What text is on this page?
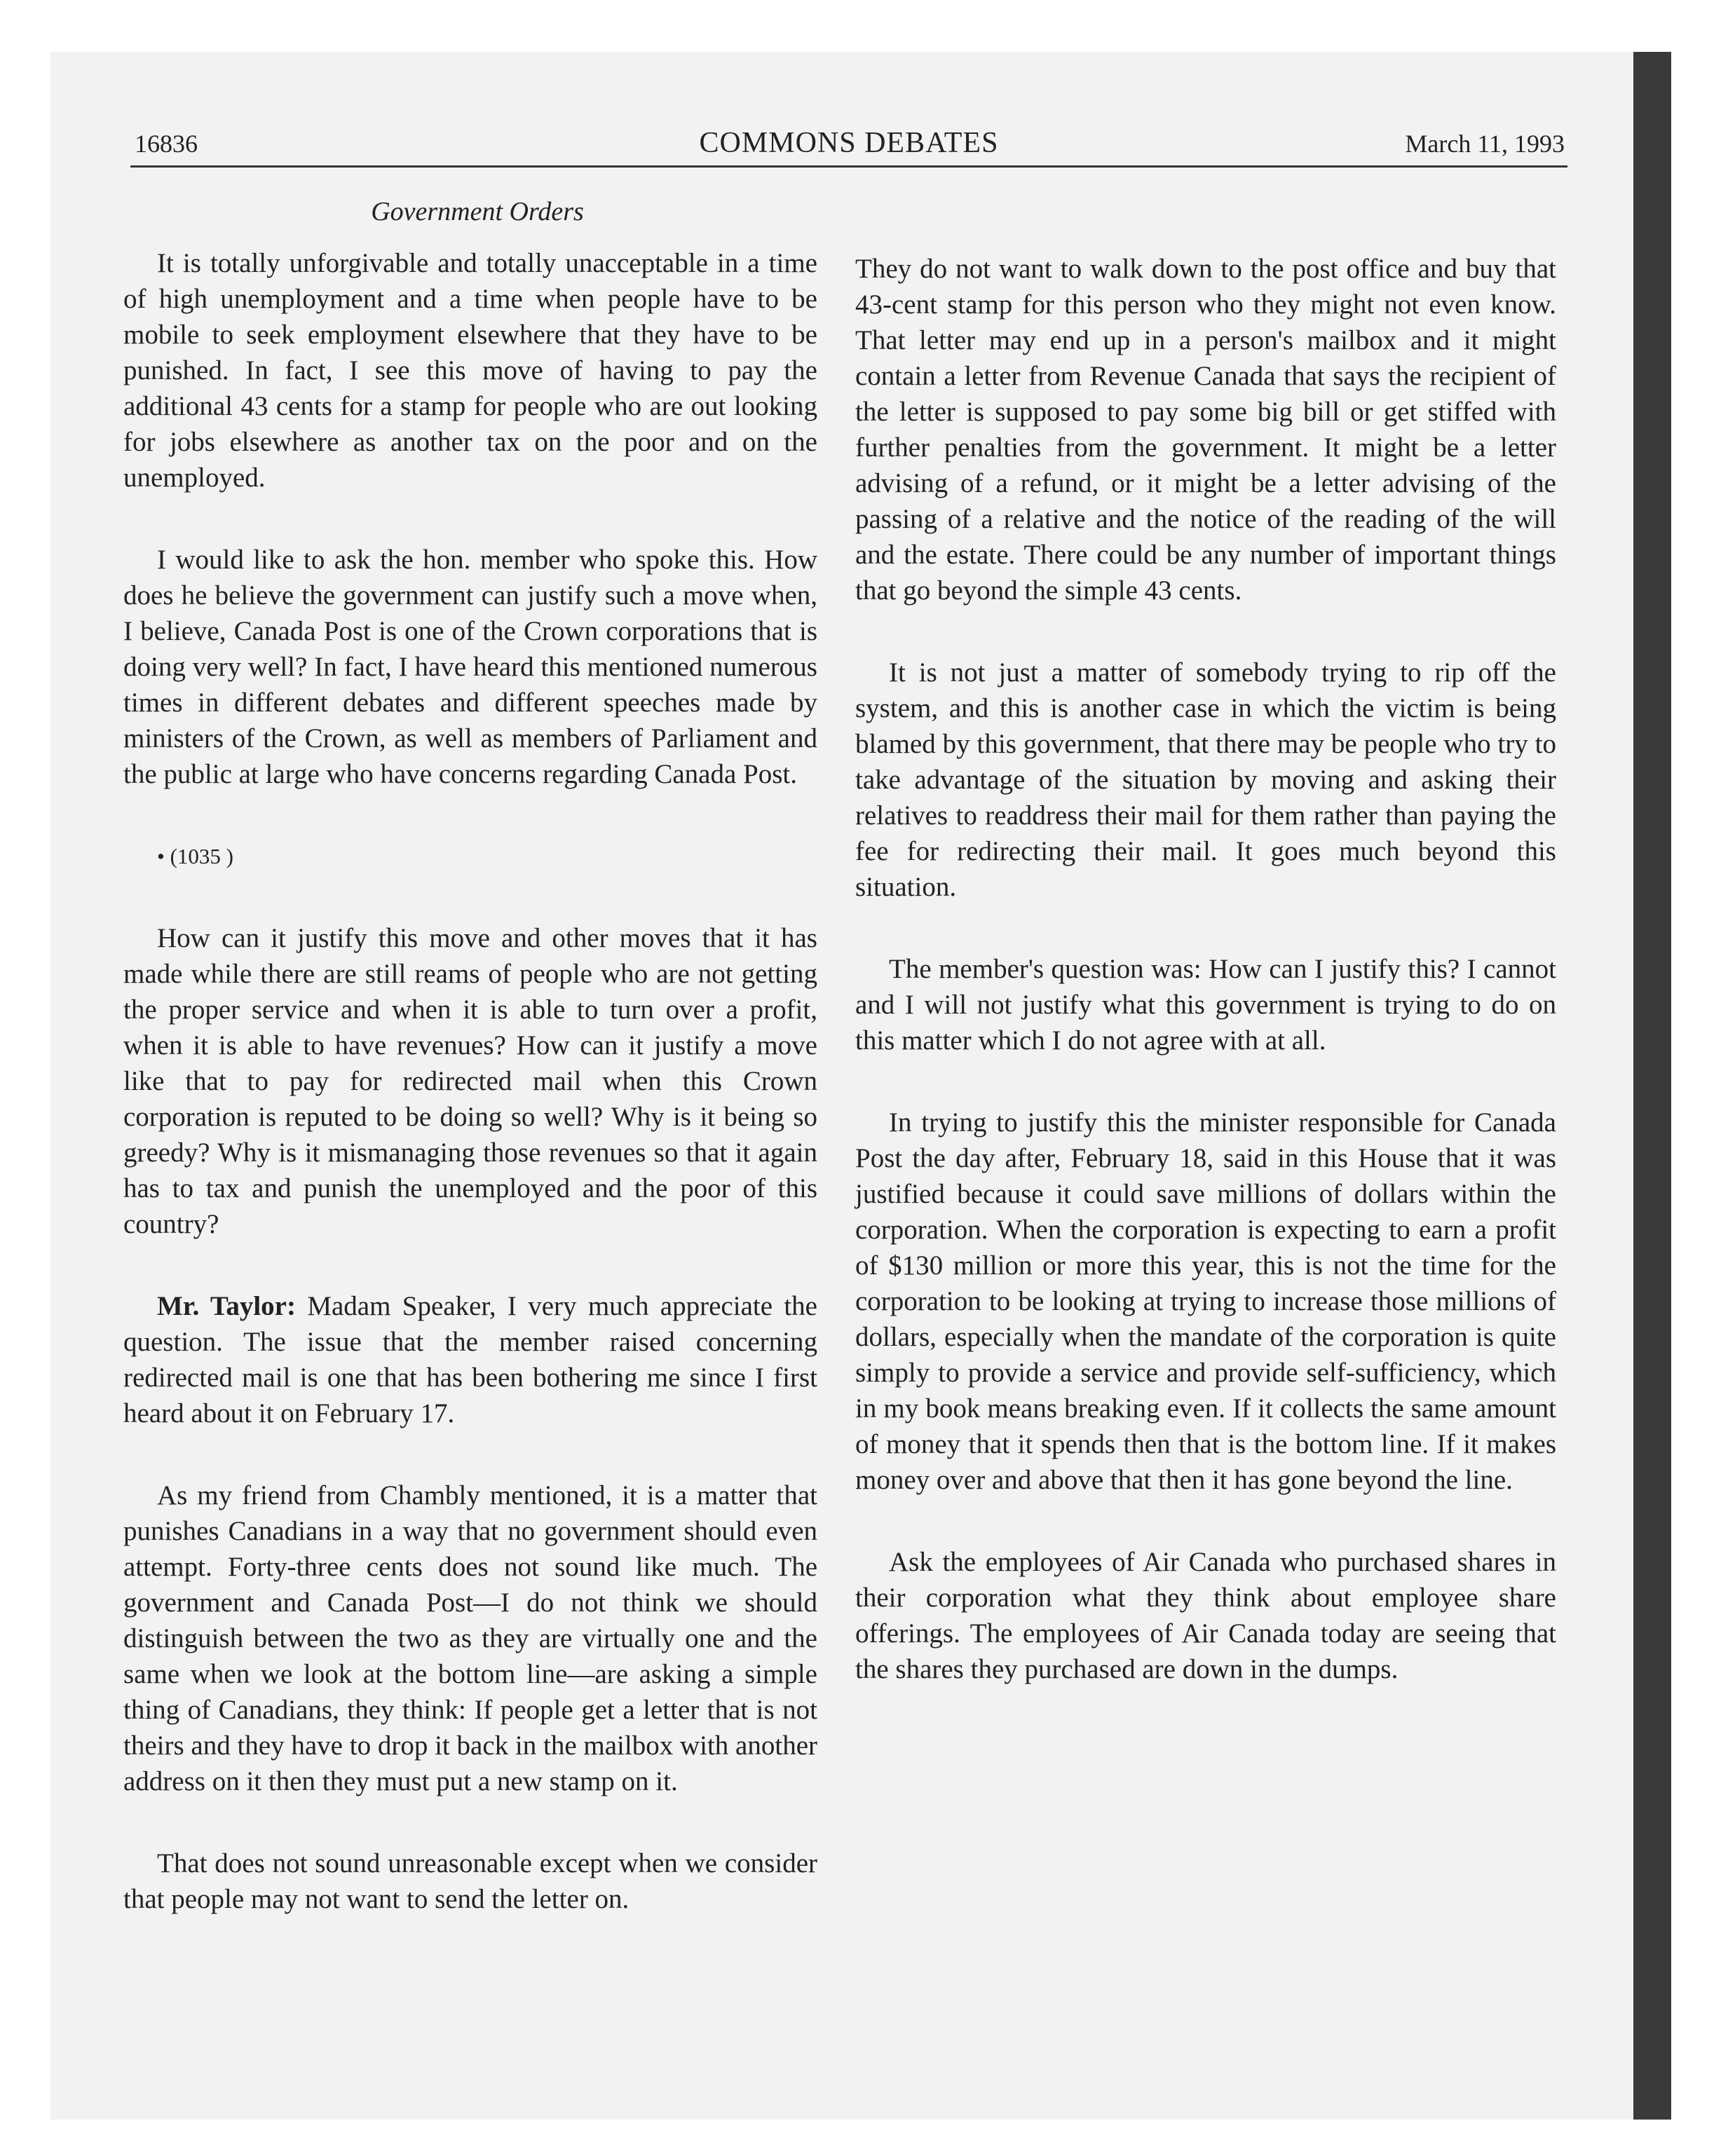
16836	COMMONS DEBATES	March 11, 1993
Government Orders

It is totally unforgivable and totally unacceptable in a time of high unemployment and a time when people have to be mobile to seek employment elsewhere that they have to be punished. In fact, I see this move of having to pay the additional 43 cents for a stamp for people who are out looking for jobs elsewhere as another tax on the poor and on the unemployed.

I would like to ask the hon. member who spoke this. How does he believe the government can justify such a move when, I believe, Canada Post is one of the Crown corporations that is doing very well? In fact, I have heard this mentioned numerous times in different debates and different speeches made by ministers of the Crown, as well as members of Parliament and the public at large who have concerns regarding Canada Post.

• (1035 )

How can it justify this move and other moves that it has made while there are still reams of people who are not getting the proper service and when it is able to turn over a profit, when it is able to have revenues? How can it justify a move like that to pay for redirected mail when this Crown corporation is reputed to be doing so well? Why is it being so greedy? Why is it mismanaging those revenues so that it again has to tax and punish the unemployed and the poor of this country?

Mr. Taylor: Madam Speaker, I very much appreciate the question. The issue that the member raised concerning redirected mail is one that has been bothering me since I first heard about it on February 17.

As my friend from Chambly mentioned, it is a matter that punishes Canadians in a way that no government should even attempt. Forty-three cents does not sound like much. The government and Canada Post—I do not think we should distinguish between the two as they are virtually one and the same when we look at the bottom line—are asking a simple thing of Canadians, they think: If people get a letter that is not theirs and they have to drop it back in the mailbox with another address on it then they must put a new stamp on it.

That does not sound unreasonable except when we consider that people may not want to send the letter on.

They do not want to walk down to the post office and buy that 43-cent stamp for this person who they might not even know. That letter may end up in a person's mailbox and it might contain a letter from Revenue Canada that says the recipient of the letter is supposed to pay some big bill or get stiffed with further penalties from the government. It might be a letter advising of a refund, or it might be a letter advising of the passing of a relative and the notice of the reading of the will and the estate. There could be any number of important things that go beyond the simple 43 cents.

It is not just a matter of somebody trying to rip off the system, and this is another case in which the victim is being blamed by this government, that there may be people who try to take advantage of the situation by moving and asking their relatives to readdress their mail for them rather than paying the fee for redirecting their mail. It goes much beyond this situation.

The member's question was: How can I justify this? I cannot and I will not justify what this government is trying to do on this matter which I do not agree with at all.

In trying to justify this the minister responsible for Canada Post the day after, February 18, said in this House that it was justified because it could save millions of dollars within the corporation. When the corporation is expecting to earn a profit of $130 million or more this year, this is not the time for the corporation to be looking at trying to increase those millions of dollars, especially when the mandate of the corporation is quite simply to provide a service and provide self-sufficiency, which in my book means breaking even. If it collects the same amount of money that it spends then that is the bottom line. If it makes money over and above that then it has gone beyond the line.

Ask the employees of Air Canada who purchased shares in their corporation what they think about employee share offerings. The employees of Air Canada today are seeing that the shares they purchased are down in the dumps.
